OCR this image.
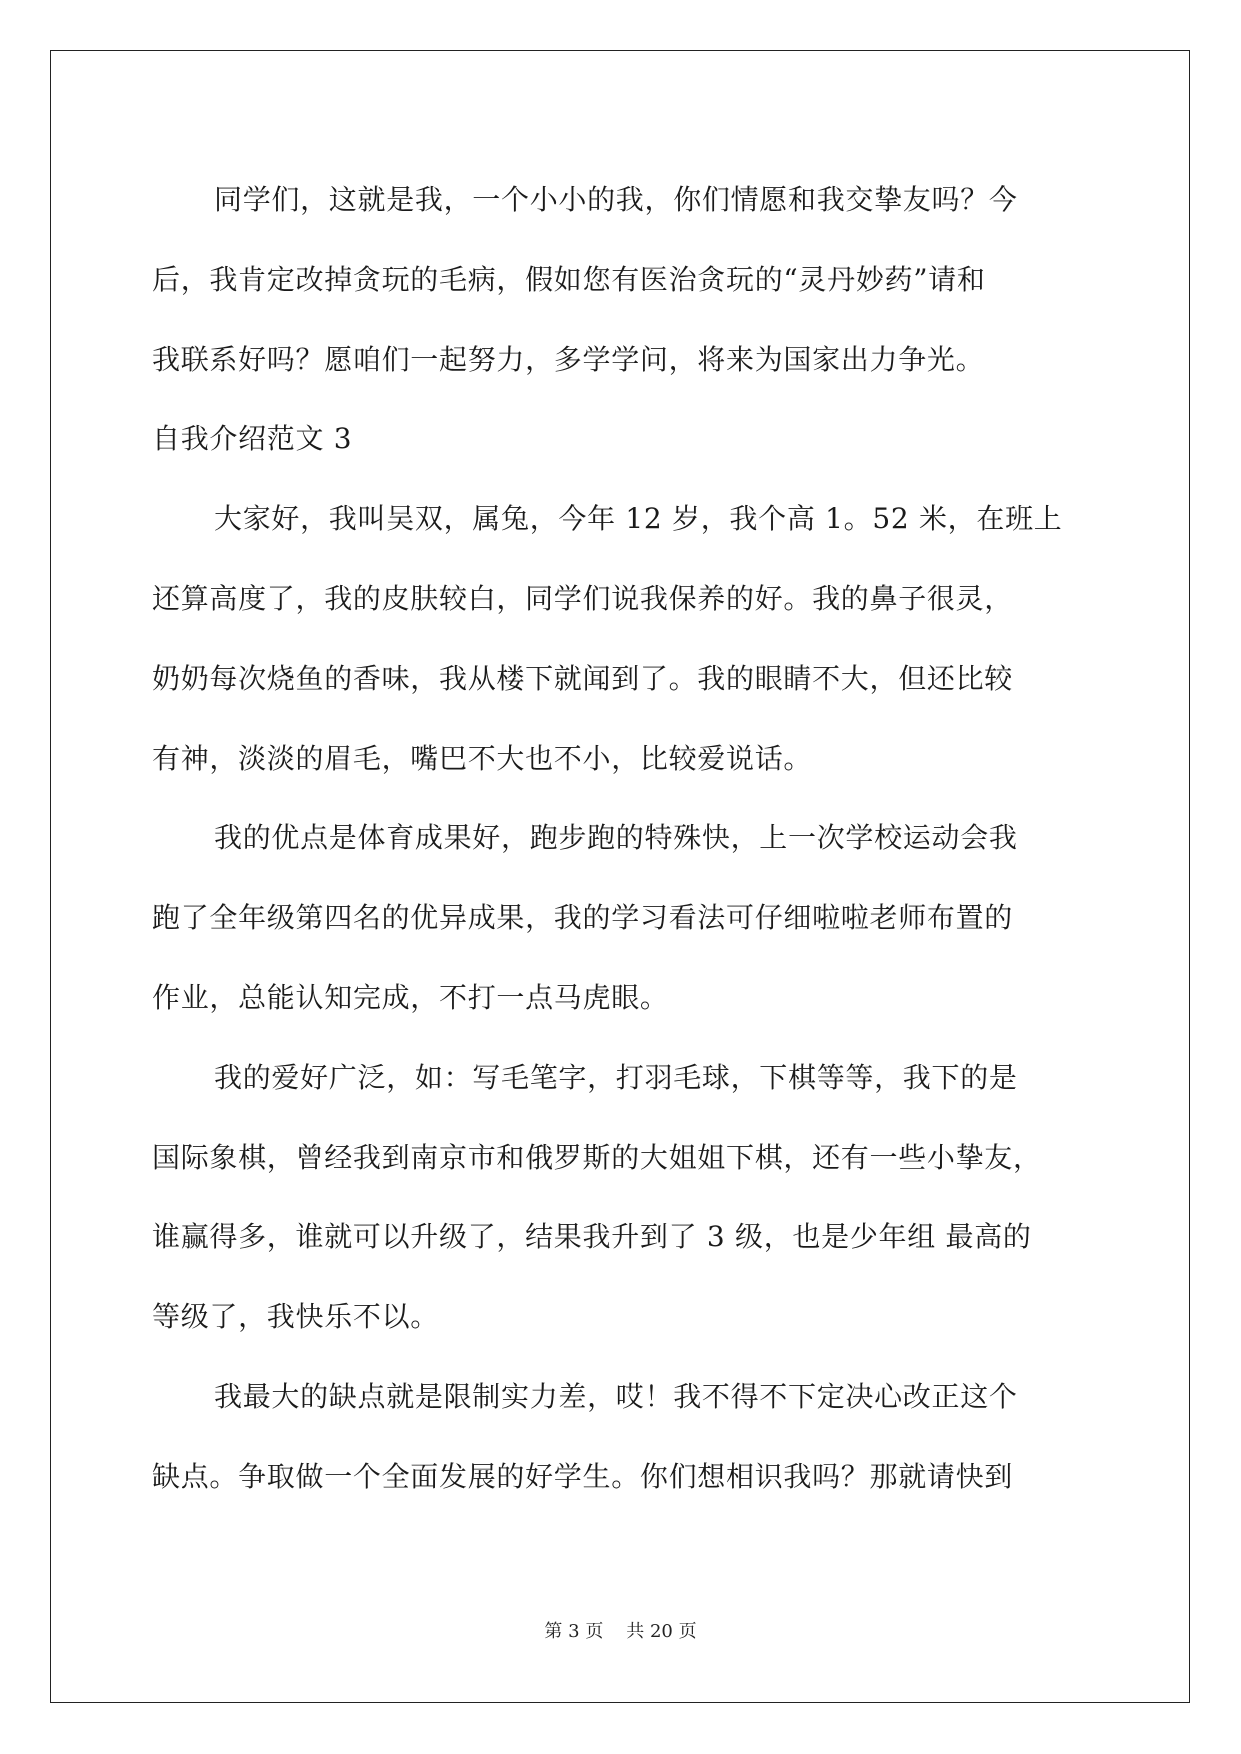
同学们，这就是我，一个小小的我，你们情愿和我交挚友吗？今
后，我肯定改掉贪玩的毛病，假如您有医治贪玩的“灵丹妙药”请和
我联系好吗？愿咱们一起努力，多学学问，将来为国家出力争光。
自我介绍范文 3
大家好，我叫吴双，属兔，今年 12 岁，我个高 1。52 米，在班上
还算高度了，我的皮肤较白，同学们说我保养的好。我的鼻子很灵，
奶奶每次烧鱼的香味，我从楼下就闻到了。我的眼睛不大，但还比较
有神，淡淡的眉毛，嘴巴不大也不小，比较爱说话。
我的优点是体育成果好，跑步跑的特殊快，上一次学校运动会我
跑了全年级第四名的优异成果，我的学习看法可仔细啦啦老师布置的
作业，总能认知完成，不打一点马虎眼。
我的爱好广泛，如：写毛笔字，打羽毛球，下棋等等，我下的是
国际象棋，曾经我到南京市和俄罗斯的大姐姐下棋，还有一些小挚友，
谁赢得多，谁就可以升级了，结果我升到了 3 级，也是少年组 最高的
等级了，我快乐不以。
我最大的缺点就是限制实力差，哎！我不得不下定决心改正这个
缺点。争取做一个全面发展的好学生。你们想相识我吗？那就请快到
第 3 页 共 20 页
